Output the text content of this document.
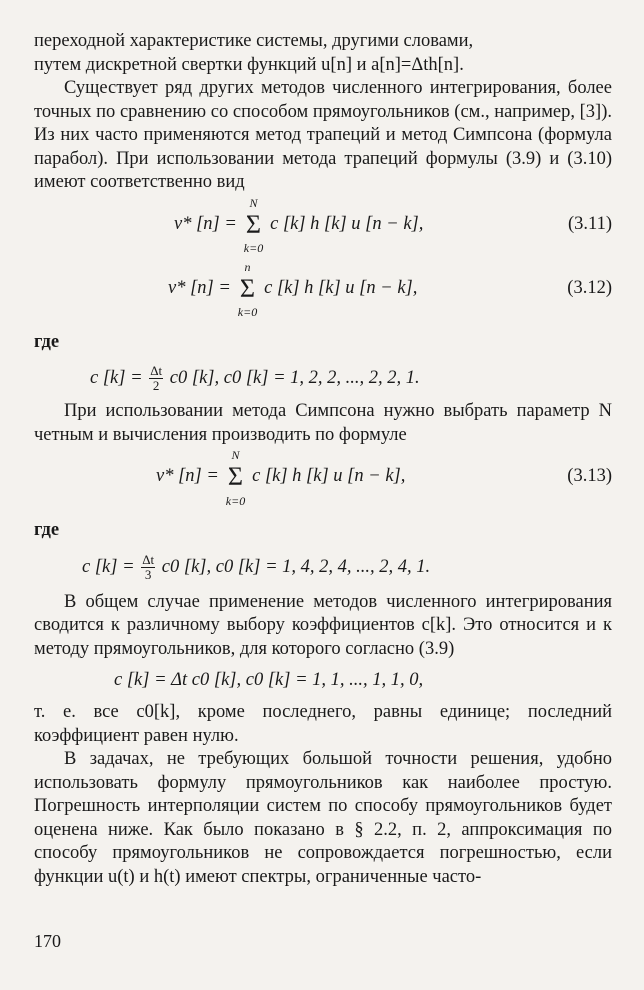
переходной характеристике системы, другими словами,

путем дискретной свертки функций u[n] и a[n]=Δth[n].

Существует ряд других методов численного интегрирования, более точных по сравнению со способом прямоугольников (см., например, [3]). Из них часто применяются метод трапеций и метод Симпсона (формула парабол). При использовании метода трапеций формулы (3.9) и (3.10) имеют соответственно вид

v* [n] = Σ
N
k=0
c [k] h [k] u [n − k],	(3.11)
v* [n] = Σ
n
k=0
c [k] h [k] u [n − k],	(3.12)

где

c $[k] = \frac{\Delta t}{2} c0$ [k], c0 [k] = 1, 2, 2, ..., 2, 2, 1.

При использовании метода Симпсона нужно выбрать параметр N четным и вычисления производить по формуле

v* [n] = Σ
N
k=0
c [k] h [k] u [n − k],	(3.13)

где

c $[k] = \frac{\Delta t}{3} c0$ [k], c0 [k] = 1, 4, 2, 4, ..., 2, 4, 1.

В общем случае применение методов численного интегрирования сводится к различному выбору коэффициентов c[k]. Это относится и к методу прямоугольников, для которого согласно (3.9)

c [k] = Δt c0 [k], c0 [k] = 1, 1, ..., 1, 1, 0,

т. е. все c0[k], кроме последнего, равны единице; последний коэффициент равен нулю.

В задачах, не требующих большой точности решения, удобно использовать формулу прямоугольников как наиболее простую. Погрешность интерполяции систем по способу прямоугольников будет оценена ниже. Как было показано в § 2.2, п. 2, аппроксимация по способу прямоугольников не сопровождается погрешностью, если функции u(t) и h(t) имеют спектры, ограниченные часто-

170
